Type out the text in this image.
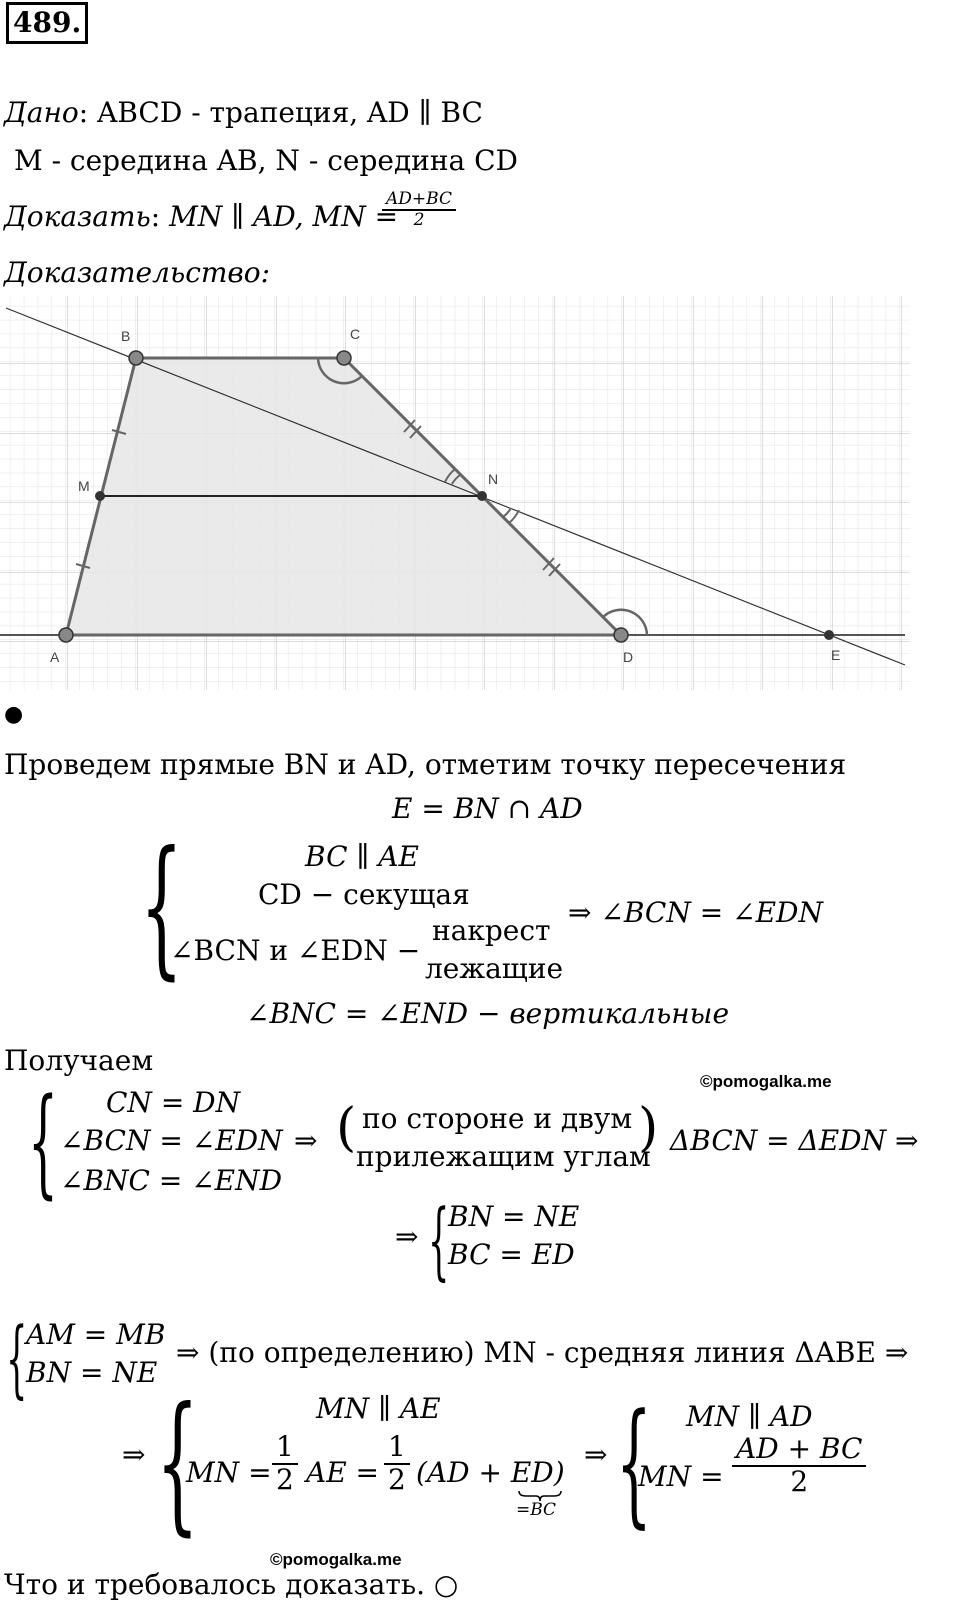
489.
Дано: ABCD - трапеция, AD ∥ BC
M - середина AB, N - середина CD
Доказать: MN ∥ AD, MN =
$\frac{AD+BC}{2}$
Доказательство:
A
B	C
D
M	N
E
●
Проведем прямые BN и AD, отметим точку пересечения
E = BN ∩ AD
{	BC ∥ AE
CD − секущая
∠BCN и ∠EDN −
накрест
лежащие
⇒ ∠BCN = ∠EDN
∠BNC = ∠END − вертикальные
Получаем
©pomogalka.me
{ CN = DN
∠BCN = ∠EDN
∠BNC = ∠END
⇒ ( по стороне и двум
прилежащим углам
) ΔBCN = ΔEDN ⇒
⇒ {
BN = NE
BC = ED
{
AM = MB
BN = NE
⇒ (по определению) MN - средняя линия ΔABE ⇒
⇒ {	MN ∥ AE
MN = $\frac{1}{2}$ AE = $\frac{1}{2} (AD + ED)$
=BC
⇒ { MN ∥ AD
MN = $\frac{AD + BC}{2}$
©pomogalka.me
Что и требовалось доказать. ○
